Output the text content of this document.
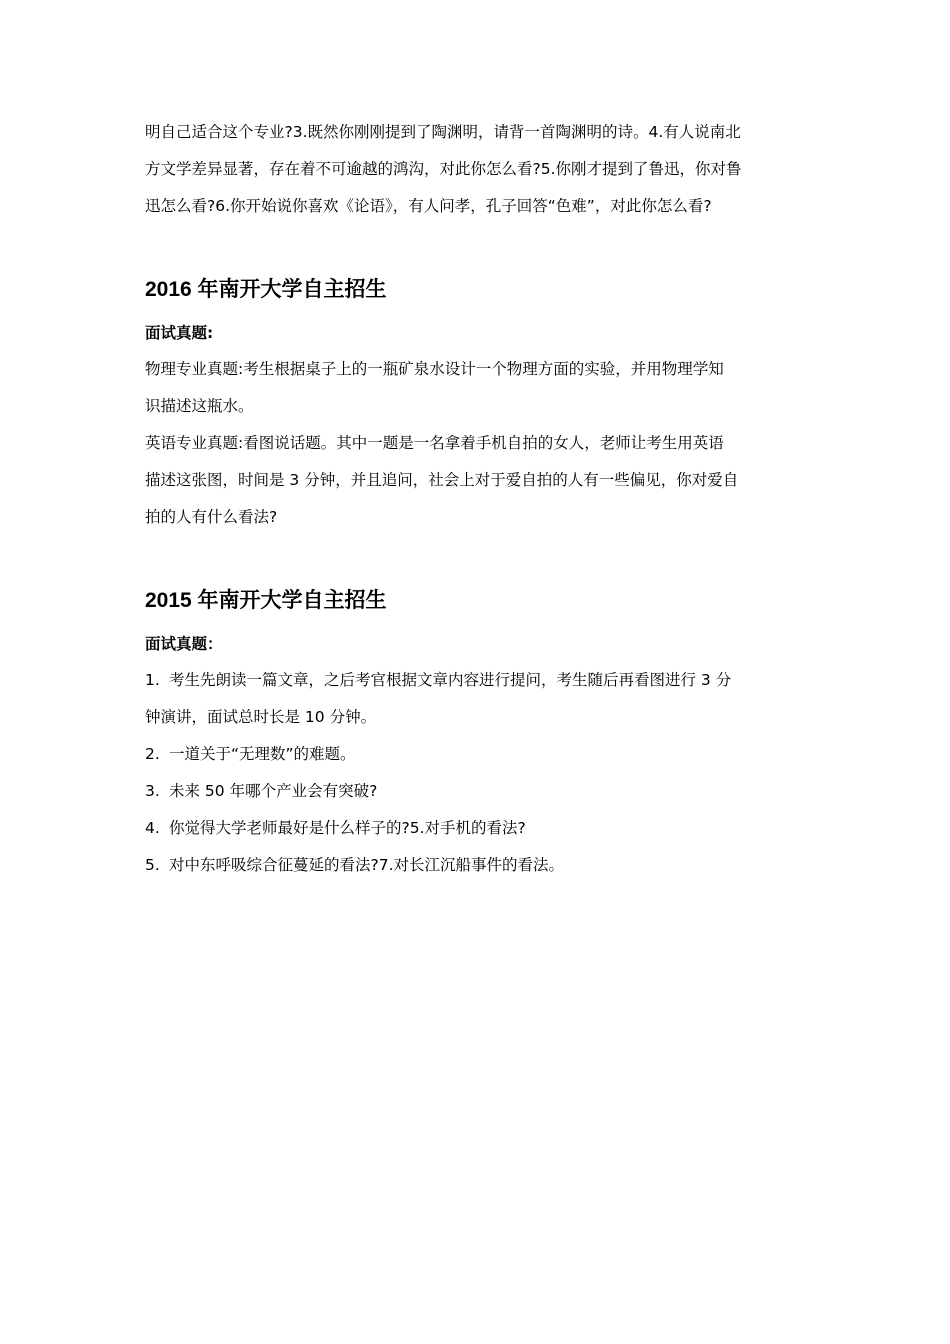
明自己适合这个专业?3.既然你刚刚提到了陶渊明，请背一首陶渊明的诗。4.有人说南北
方文学差异显著，存在着不可逾越的鸿沟，对此你怎么看?5.你刚才提到了鲁迅，你对鲁
迅怎么看?6.你开始说你喜欢《论语》，有人问孝，孔子回答“色难”，对此你怎么看?

2016 年南开大学自主招生
面试真题:

物理专业真题:考生根据桌子上的一瓶矿泉水设计一个物理方面的实验，并用物理学知
识描述这瓶水。

英语专业真题:看图说话题。其中一题是一名拿着手机自拍的女人，老师让考生用英语
描述这张图，时间是 3 分钟，并且追问，社会上对于爱自拍的人有一些偏见，你对爱自
拍的人有什么看法?

2015 年南开大学自主招生
面试真题：
1. 考生先朗读一篇文章，之后考官根据文章内容进行提问，考生随后再看图进行 3 分
钟演讲，面试总时长是 10 分钟。
2. 一道关于“无理数”的难题。
3. 未来 50 年哪个产业会有突破?
4. 你觉得大学老师最好是什么样子的?5.对手机的看法?
5. 对中东呼吸综合征蔓延的看法?7.对长江沉船事件的看法。
